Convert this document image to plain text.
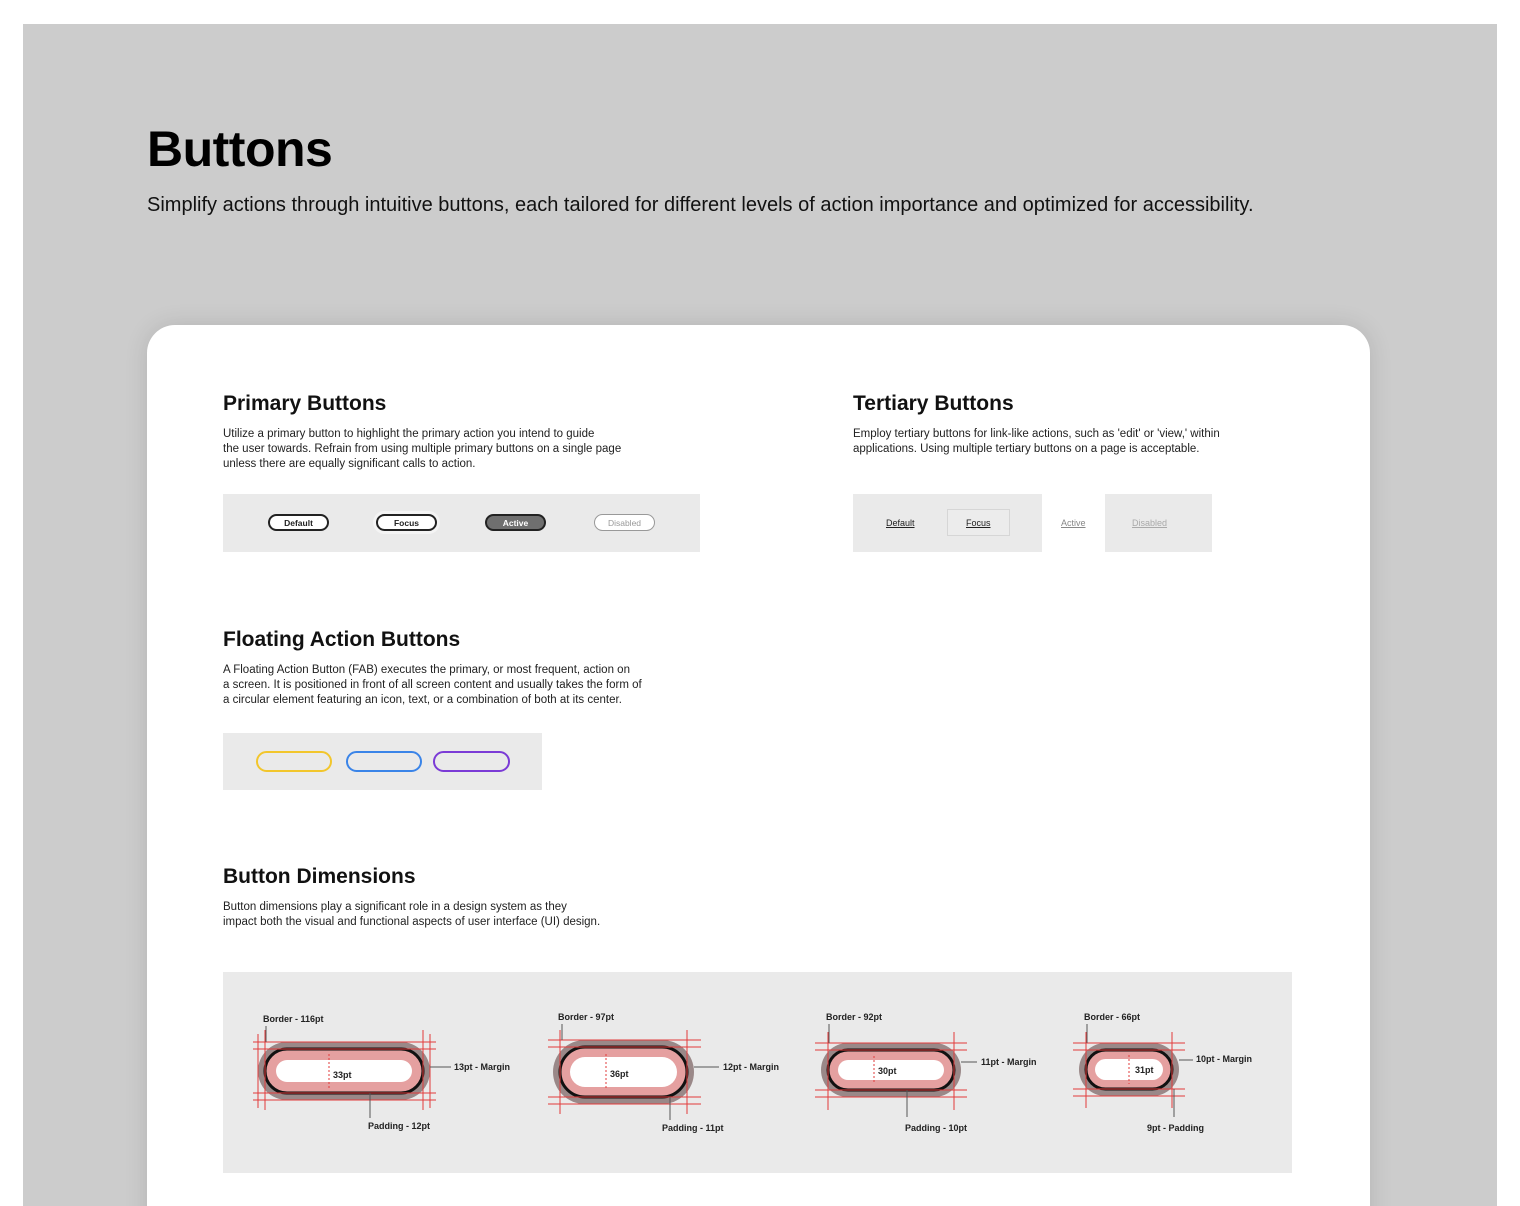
Buttons

Simplify actions through intuitive buttons, each tailored for different levels of action importance and optimized for accessibility.

Primary Buttons

Utilize a primary button to highlight the primary action you intend to guide
the user towards. Refrain from using multiple primary buttons on a single page
unless there are equally significant calls to action.

Default	Focus	Active	Disabled
Tertiary Buttons

Employ tertiary buttons for link-like actions, such as 'edit' or 'view,' within
applications. Using multiple tertiary buttons on a page is acceptable.

Default	Focus	Active	Disabled
Floating Action Buttons

A Floating Action Button (FAB) executes the primary, or most frequent, action on
a screen. It is positioned in front of all screen content and usually takes the form of
a circular element featuring an icon, text, or a combination of both at its center.

Button Dimensions

Button dimensions play a significant role in a design system as they
impact both the visual and functional aspects of user interface (UI) design.

Border - 116pt
33pt
13pt - Margin
Padding - 12pt
Border - 97pt
36pt
12pt - Margin
Padding - 11pt
Border - 92pt
30pt
11pt - Margin
Padding - 10pt
Border - 66pt
31pt
10pt - Margin
9pt - Padding
